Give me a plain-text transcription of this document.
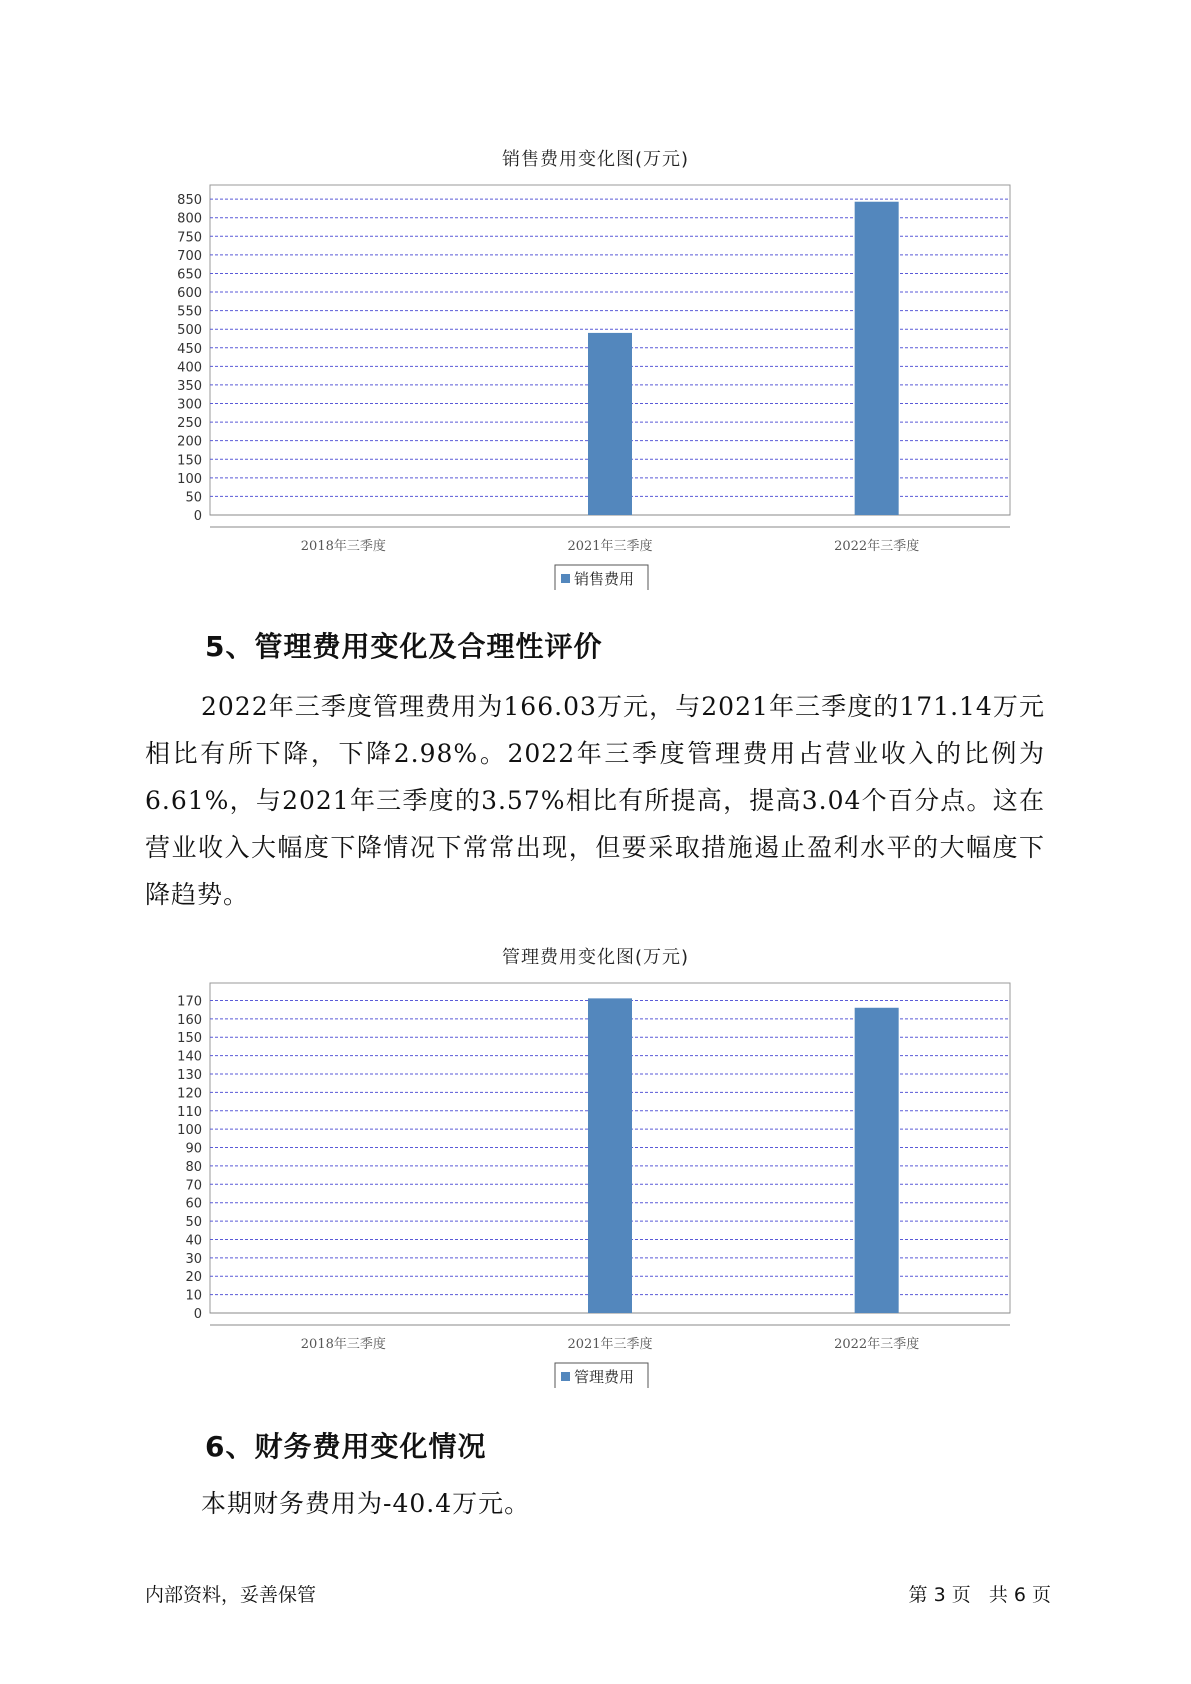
销售费用变化图(万元)
0
50
100
150
200
250
300
350
400
450
500
550
600
650
700
750
800
850
2018年三季度	2021年三季度	2022年三季度
销售费用
5、管理费用变化及合理性评价
2022年三季度管理费用为166.03万元，与2021年三季度的171.14万元相比有所下降，下降2.98%。2022年三季度管理费用占营业收入的比例为6.61%，与2021年三季度的3.57%相比有所提高，提高3.04个百分点。这在营业收入大幅度下降情况下常常出现，但要采取措施遏止盈利水平的大幅度下降趋势。
管理费用变化图(万元)
0
10
20
30
40
50
60
70
80
90
100
110
120
130
140
150
160
170
2018年三季度	2021年三季度	2022年三季度
管理费用
6、财务费用变化情况
本期财务费用为-40.4万元。
内部资料，妥善保管	第 3 页   共 6 页
